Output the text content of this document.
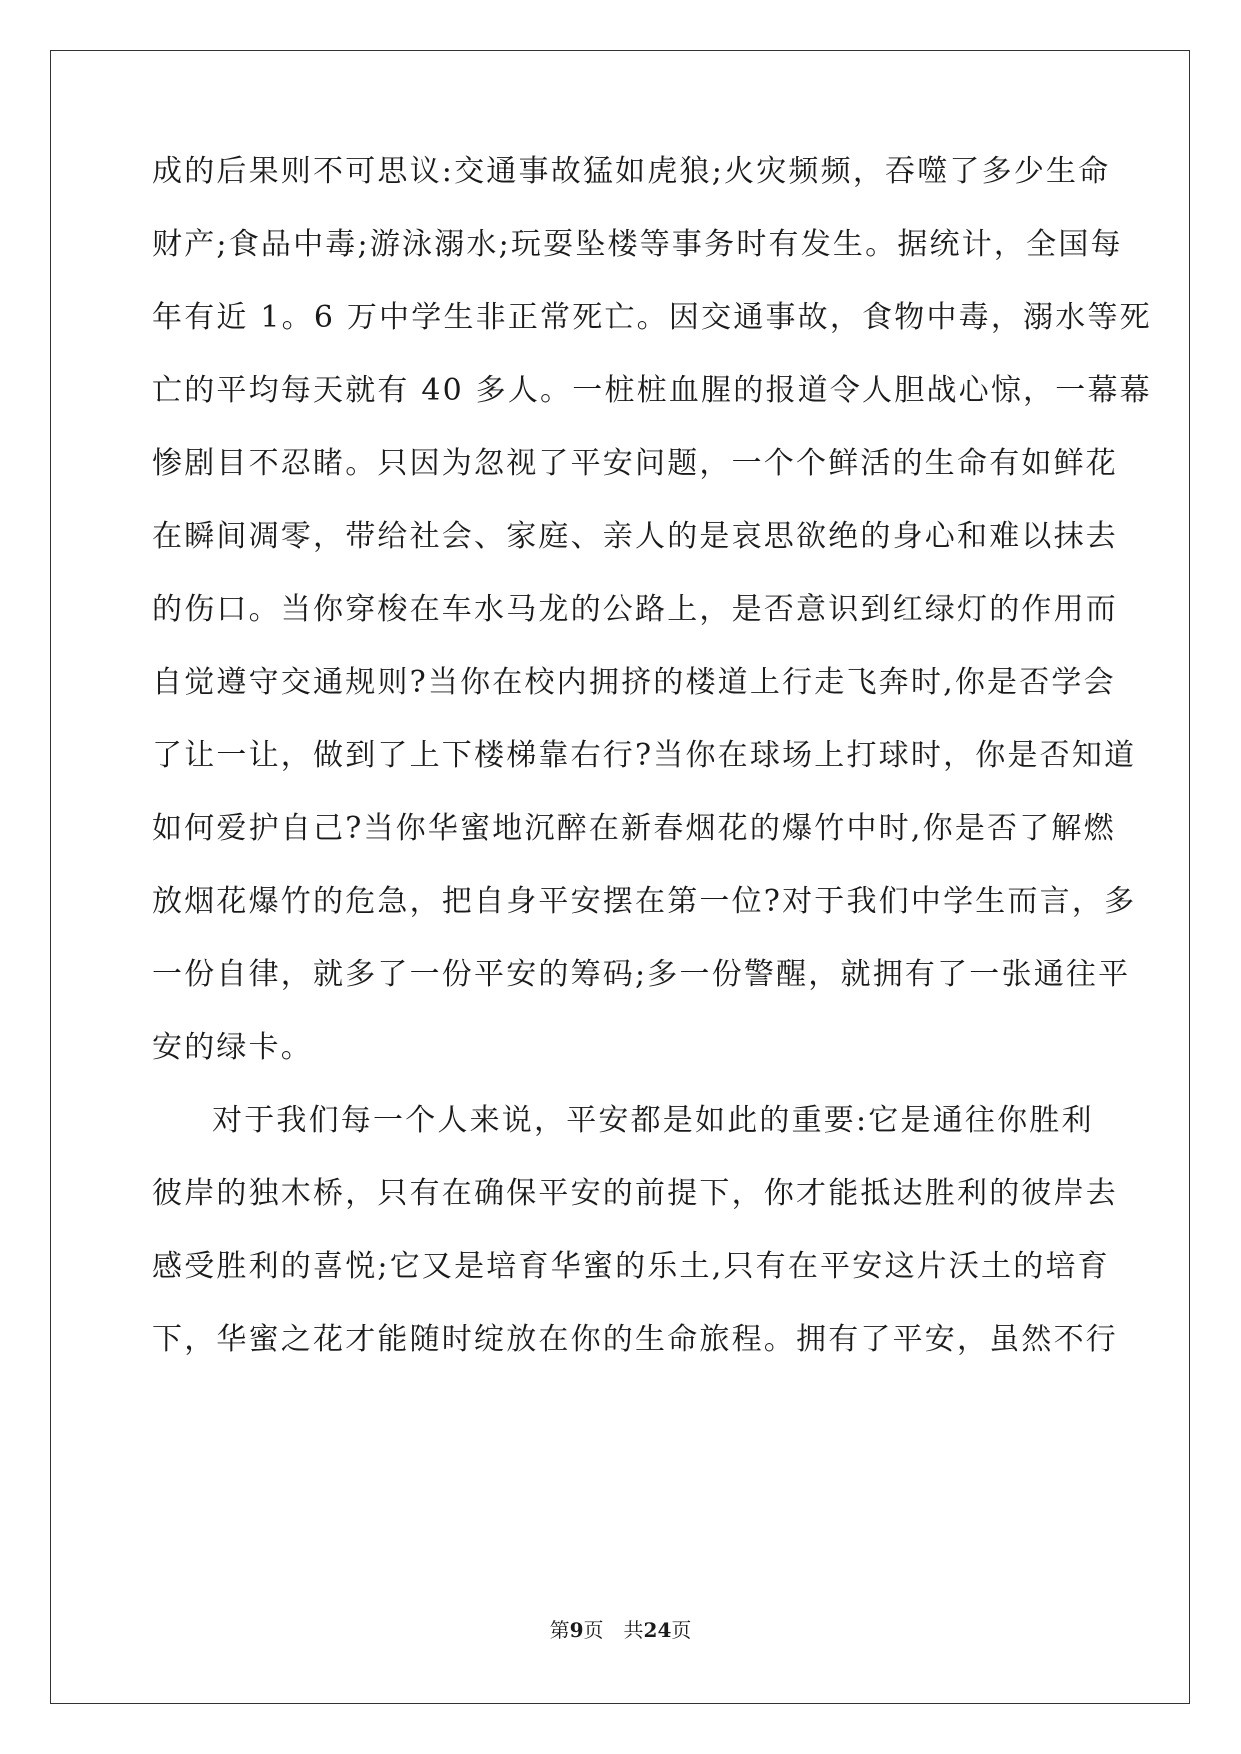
成的后果则不可思议:交通事故猛如虎狼;火灾频频，吞噬了多少生命
财产;食品中毒;游泳溺水;玩耍坠楼等事务时有发生。据统计，全国每
年有近 1。6 万中学生非正常死亡。因交通事故，食物中毒，溺水等死
亡的平均每天就有 40 多人。一桩桩血腥的报道令人胆战心惊，一幕幕
惨剧目不忍睹。只因为忽视了平安问题，一个个鲜活的生命有如鲜花
在瞬间凋零，带给社会、家庭、亲人的是哀思欲绝的身心和难以抹去
的伤口。当你穿梭在车水马龙的公路上，是否意识到红绿灯的作用而
自觉遵守交通规则?当你在校内拥挤的楼道上行走飞奔时,你是否学会
了让一让，做到了上下楼梯靠右行?当你在球场上打球时，你是否知道
如何爱护自己?当你华蜜地沉醉在新春烟花的爆竹中时,你是否了解燃
放烟花爆竹的危急，把自身平安摆在第一位?对于我们中学生而言，多
一份自律，就多了一份平安的筹码;多一份警醒，就拥有了一张通往平
安的绿卡。
对于我们每一个人来说，平安都是如此的重要:它是通往你胜利
彼岸的独木桥，只有在确保平安的前提下，你才能抵达胜利的彼岸去
感受胜利的喜悦;它又是培育华蜜的乐土,只有在平安这片沃土的培育
下，华蜜之花才能随时绽放在你的生命旅程。拥有了平安，虽然不行
第9页 共24页
